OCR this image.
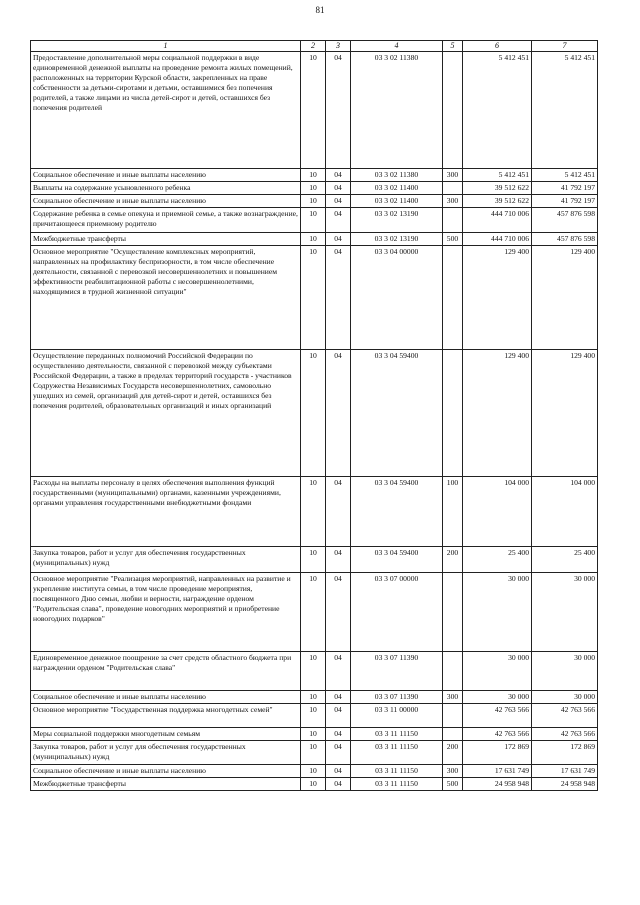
81
1	2	3	4	5	6	7
Предоставление дополнительной меры социальной поддержки в виде единовременной денежной выплаты на проведение ремонта жилых помещений, расположенных на территории Курской области, закрепленных на праве собственности за детьми-сиротами и детьми, оставшимися без попечения родителей, а также лицами из числа детей-сирот и детей, оставшихся без попечения родителей	10	04	03 3 02 11380		5 412 451	5 412 451
Социальное обеспечение и иные выплаты населению	10	04	03 3 02 11380	300	5 412 451	5 412 451
Выплаты на содержание усыновленного ребенка	10	04	03 3 02 11400		39 512 622	41 792 197
Социальное обеспечение и иные выплаты населению	10	04	03 3 02 11400	300	39 512 622	41 792 197
Содержание ребенка в семье опекуна и приемной семье, а также вознаграждение, причитающееся приемному родителю	10	04	03 3 02 13190		444 710 006	457 876 598
Межбюджетные трансферты	10	04	03 3 02 13190	500	444 710 006	457 876 598
Основное мероприятие "Осуществление комплексных мероприятий, направленных на профилактику беспризорности, в том числе обеспечение деятельности, связанной с перевозкой несовершеннолетних и повышением эффективности реабилитационной работы с несовершеннолетними, находящимися в трудной жизненной ситуации"	10	04	03 3 04 00000		129 400	129 400
Осуществление переданных полномочий Российской Федерации по осуществлению деятельности, связанной с перевозкой между субъектами Российской Федерации, а также в пределах территорий государств - участников Содружества Независимых Государств несовершеннолетних, самовольно ушедших из семей, организаций для детей-сирот и детей, оставшихся без попечения родителей, образовательных организаций и иных организаций	10	04	03 3 04 59400		129 400	129 400
Расходы на выплаты персоналу в целях обеспечения выполнения функций государственными (муниципальными) органами, казенными учреждениями, органами управления государственными внебюджетными фондами	10	04	03 3 04 59400	100	104 000	104 000
Закупка товаров, работ и услуг для обеспечения государственных (муниципальных) нужд	10	04	03 3 04 59400	200	25 400	25 400
Основное мероприятие "Реализация мероприятий, направленных на развитие и укрепление института семьи, в том числе проведение мероприятия, посвященного Дню семьи, любви и верности, награждение орденом "Родительская слава", проведение новогодних мероприятий и приобретение новогодних подарков"	10	04	03 3 07 00000		30 000	30 000
Единовременное денежное поощрение за счет средств областного бюджета при награждении орденом "Родительская слава"	10	04	03 3 07 11390		30 000	30 000
Социальное обеспечение и иные выплаты населению	10	04	03 3 07 11390	300	30 000	30 000
Основное мероприятие "Государственная поддержка многодетных семей"	10	04	03 3 11 00000		42 763 566	42 763 566
Меры социальной поддержки многодетным семьям	10	04	03 3 11 11150		42 763 566	42 763 566
Закупка товаров, работ и услуг для обеспечения государственных (муниципальных) нужд	10	04	03 3 11 11150	200	172 869	172 869
Социальное обеспечение и иные выплаты населению	10	04	03 3 11 11150	300	17 631 749	17 631 749
Межбюджетные трансферты	10	04	03 3 11 11150	500	24 958 948	24 958 948
